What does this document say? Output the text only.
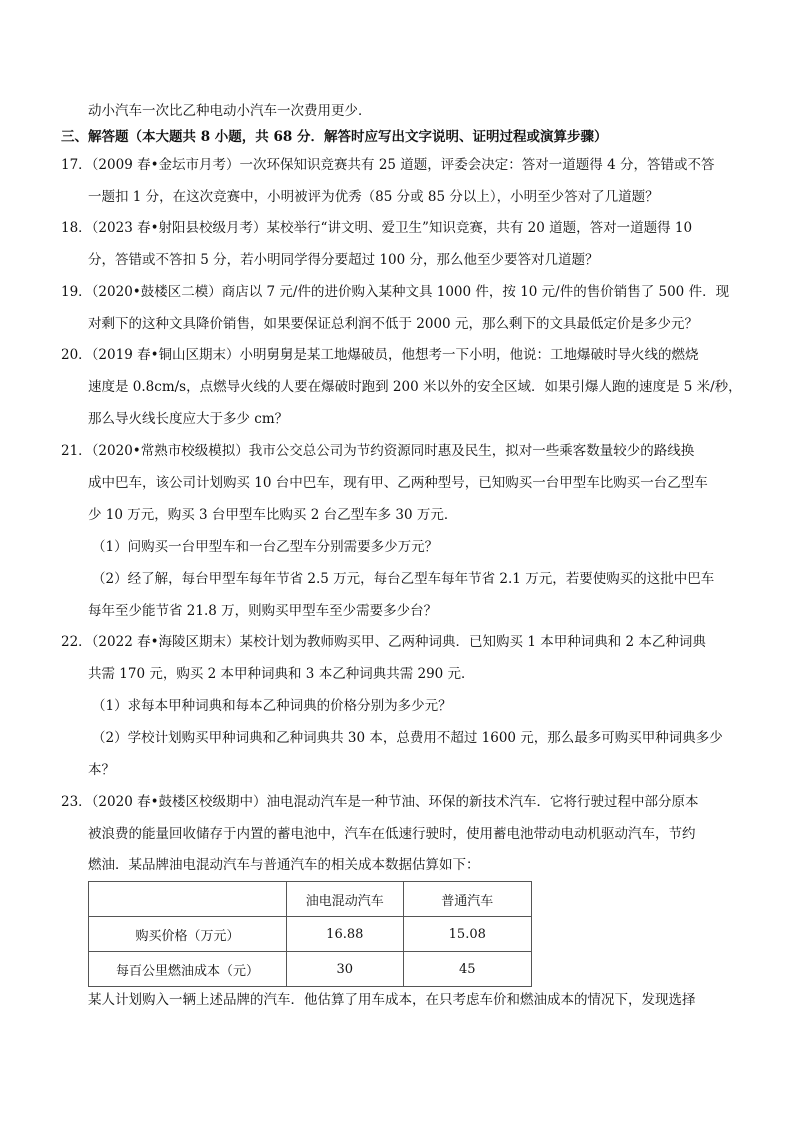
动小汽车一次比乙种电动小汽车一次费用更少．
三、解答题（本大题共 8 小题，共 68 分．解答时应写出文字说明、证明过程或演算步骤）
17．（2009 春•金坛市月考）一次环保知识竞赛共有 25 道题，评委会决定：答对一道题得 4 分，答错或不答
一题扣 1 分，在这次竞赛中，小明被评为优秀（85 分或 85 分以上），小明至少答对了几道题？
18．（2023 春•射阳县校级月考）某校举行“讲文明、爱卫生”知识竞赛，共有 20 道题，答对一道题得 10
分，答错或不答扣 5 分，若小明同学得分要超过 100 分，那么他至少要答对几道题？
19．（2020•鼓楼区二模）商店以 7 元/件的进价购入某种文具 1000 件，按 10 元/件的售价销售了 500 件．现
对剩下的这种文具降价销售，如果要保证总利润不低于 2000 元，那么剩下的文具最低定价是多少元？
20．（2019 春•铜山区期末）小明舅舅是某工地爆破员，他想考一下小明，他说：工地爆破时导火线的燃烧
速度是 0.8cm/s，点燃导火线的人要在爆破时跑到 200 米以外的安全区域．如果引爆人跑的速度是 5 米/秒，
那么导火线长度应大于多少 cm？
21．（2020•常熟市校级模拟）我市公交总公司为节约资源同时惠及民生，拟对一些乘客数量较少的路线换
成中巴车，该公司计划购买 10 台中巴车，现有甲、乙两种型号，已知购买一台甲型车比购买一台乙型车
少 10 万元，购买 3 台甲型车比购买 2 台乙型车多 30 万元．
（1）问购买一台甲型车和一台乙型车分别需要多少万元？
（2）经了解，每台甲型车每年节省 2.5 万元，每台乙型车每年节省 2.1 万元，若要使购买的这批中巴车
每年至少能节省 21.8 万，则购买甲型车至少需要多少台？
22．（2022 春•海陵区期末）某校计划为教师购买甲、乙两种词典．已知购买 1 本甲种词典和 2 本乙种词典
共需 170 元，购买 2 本甲种词典和 3 本乙种词典共需 290 元．
（1）求每本甲种词典和每本乙种词典的价格分别为多少元？
（2）学校计划购买甲种词典和乙种词典共 30 本，总费用不超过 1600 元，那么最多可购买甲种词典多少
本？
23．（2020 春•鼓楼区校级期中）油电混动汽车是一种节油、环保的新技术汽车．它将行驶过程中部分原本
被浪费的能量回收储存于内置的蓄电池中，汽车在低速行驶时，使用蓄电池带动电动机驱动汽车，节约
燃油．某品牌油电混动汽车与普通汽车的相关成本数据估算如下：
	油电混动汽车	普通汽车
购买价格（万元）	16.88	15.08
每百公里燃油成本（元）	30	45
某人计划购入一辆上述品牌的汽车．他估算了用车成本，在只考虑车价和燃油成本的情况下，发现选择
